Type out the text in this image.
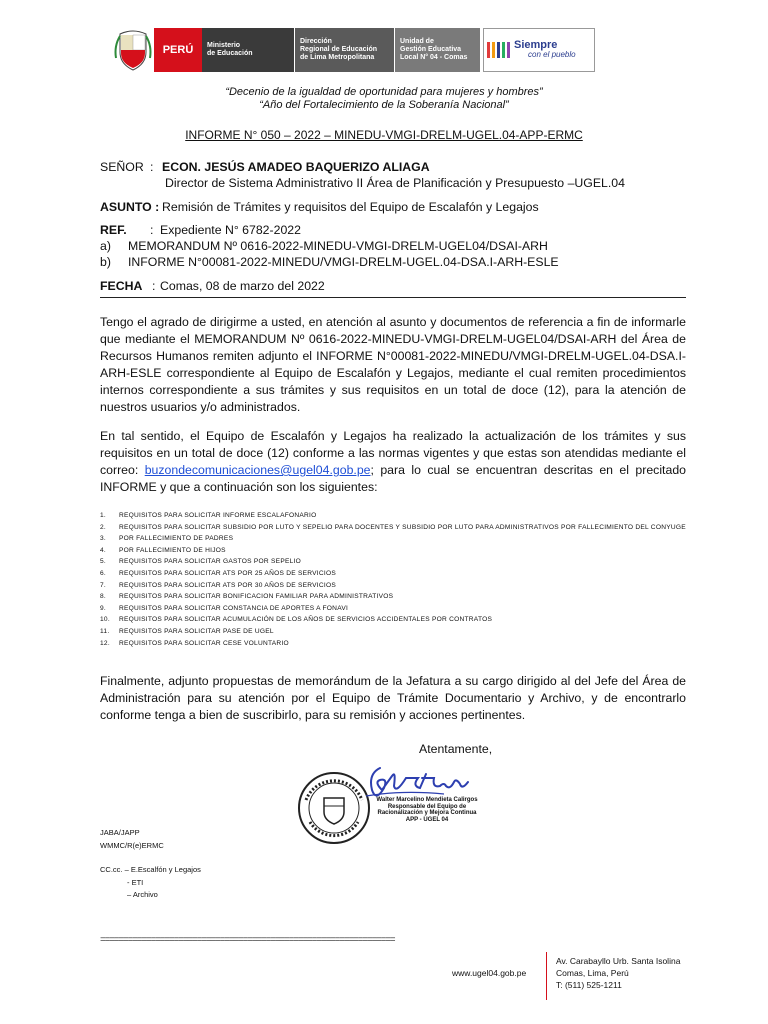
PERÚ Ministerio
de Educación
Dirección
Regional de Educación
de Lima Metropolitana
Unidad de
Gestión Educativa
Local N° 04 - Comas
Siempre
con el pueblo
“Decenio de la igualdad de oportunidad para mujeres y hombres”
“Año del Fortalecimiento de la Soberanía Nacional”
INFORME N° 050 – 2022 – MINEDU-VMGI-DRELM-UGEL.04-APP-ERMC
SEÑOR : ECON. JESÚS AMADEO BAQUERIZO ALIAGA
Director de Sistema Administrativo II Área de Planificación y Presupuesto –UGEL.04
ASUNTO : Remisión de Trámites y requisitos del Equipo de Escalafón y Legajos
REF. : Expediente N° 6782-2022
a) MEMORANDUM Nº 0616-2022-MINEDU-VMGI-DRELM-UGEL04/DSAI-ARH
b) INFORME N°00081-2022-MINEDU/VMGI-DRELM-UGEL.04-DSA.I-ARH-ESLE
FECHA : Comas, 08 de marzo del 2022
Tengo el agrado de dirigirme a usted, en atención al asunto y documentos de referencia a fin de informarle que mediante el MEMORANDUM Nº 0616-2022-MINEDU-VMGI-DRELM-UGEL04/DSAI-ARH del Área de Recursos Humanos remiten adjunto el INFORME N°00081-2022-MINEDU/VMGI-DRELM-UGEL.04-DSA.I-ARH-ESLE correspondiente al Equipo de Escalafón y Legajos, mediante el cual remiten procedimientos internos correspondiente a sus trámites y sus requisitos en un total de doce (12), para la atención de nuestros usuarios y/o administrados.
En tal sentido, el Equipo de Escalafón y Legajos ha realizado la actualización de los trámites y sus requisitos en un total de doce (12) conforme a las normas vigentes y que estas son atendidas mediante el correo: buzondecomunicaciones@ugel04.gob.pe; para lo cual se encuentran descritas en el precitado INFORME y que a continuación son los siguientes:
1.	REQUISITOS PARA SOLICITAR INFORME ESCALAFONARIO
2.	REQUISITOS PARA SOLICITAR SUBSIDIO POR LUTO Y SEPELIO PARA DOCENTES Y SUBSIDIO POR LUTO PARA ADMINISTRATIVOS POR FALLECIMIENTO DEL CONYUGE
3.	POR FALLECIMIENTO DE PADRES
4.	POR FALLECIMIENTO DE HIJOS
5.	REQUISITOS PARA SOLICITAR GASTOS POR SEPELIO
6.	REQUISITOS PARA SOLICITAR ATS POR 25 AÑOS DE SERVICIOS
7.	REQUISITOS PARA SOLICITAR ATS POR 30 AÑOS DE SERVICIOS
8.	REQUISITOS PARA SOLICITAR BONIFICACION FAMILIAR PARA ADMINISTRATIVOS
9.	REQUISITOS PARA SOLICITAR CONSTANCIA DE APORTES A FONAVI
10.	REQUISITOS PARA SOLICITAR ACUMULACIÓN DE LOS AÑOS DE SERVICIOS ACCIDENTALES POR CONTRATOS
11.	REQUISITOS PARA SOLICITAR PASE DE UGEL
12.	REQUISITOS PARA SOLICITAR CESE VOLUNTARIO
Finalmente, adjunto propuestas de memorándum de la Jefatura a su cargo dirigido al del Jefe del Área de Administración para su atención por el Equipo de Trámite Documentario y Archivo, y de encontrarlo conforme tenga a bien de suscribirlo, para su remisión y acciones pertinentes.
Atentamente,
Walter Marcelino Mendieta Calirgos
Responsable del Equipo de
Racionalización y Mejora Continua
APP - UGEL 04
JABA/JAPP
WMMC/R(e)ERMC
CC.cc. – E.Escalfón y Legajos
- ETI
– Archivo
================================================================
www.ugel04.gob.pe
Av. Carabayllo Urb. Santa Isolina
Comas, Lima, Perú
T: (511) 525-1211
